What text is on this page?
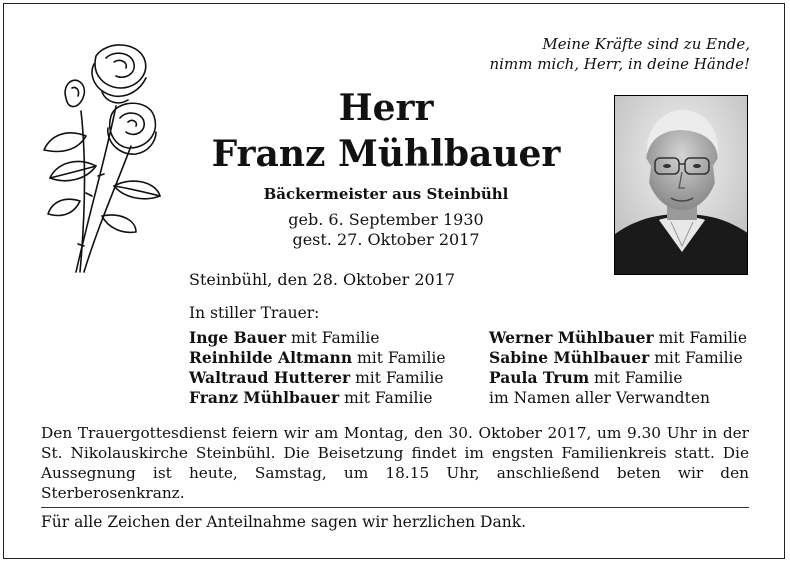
Meine Kräfte sind zu Ende,
nimm mich, Herr, in deine Hände!
Herr
Franz Mühlbauer
Bäckermeister aus Steinbühl
geb. 6. September 1930
gest. 27. Oktober 2017
Steinbühl, den 28. Oktober 2017
In stiller Trauer:
Inge Bauer mit Familie
Reinhilde Altmann mit Familie
Waltraud Hutterer mit Familie
Franz Mühlbauer mit Familie
Werner Mühlbauer mit Familie
Sabine Mühlbauer mit Familie
Paula Trum mit Familie
im Namen aller Verwandten
Den Trauergottesdienst feiern wir am Montag, den 30. Oktober 2017, um 9.30 Uhr in der St. Nikolauskirche Steinbühl. Die Beisetzung findet im engsten Familienkreis statt. Die Aussegnung ist heute, Samstag, um 18.15 Uhr, anschließend beten wir den Sterberosenkranz.
Für alle Zeichen der Anteilnahme sagen wir herzlichen Dank.
